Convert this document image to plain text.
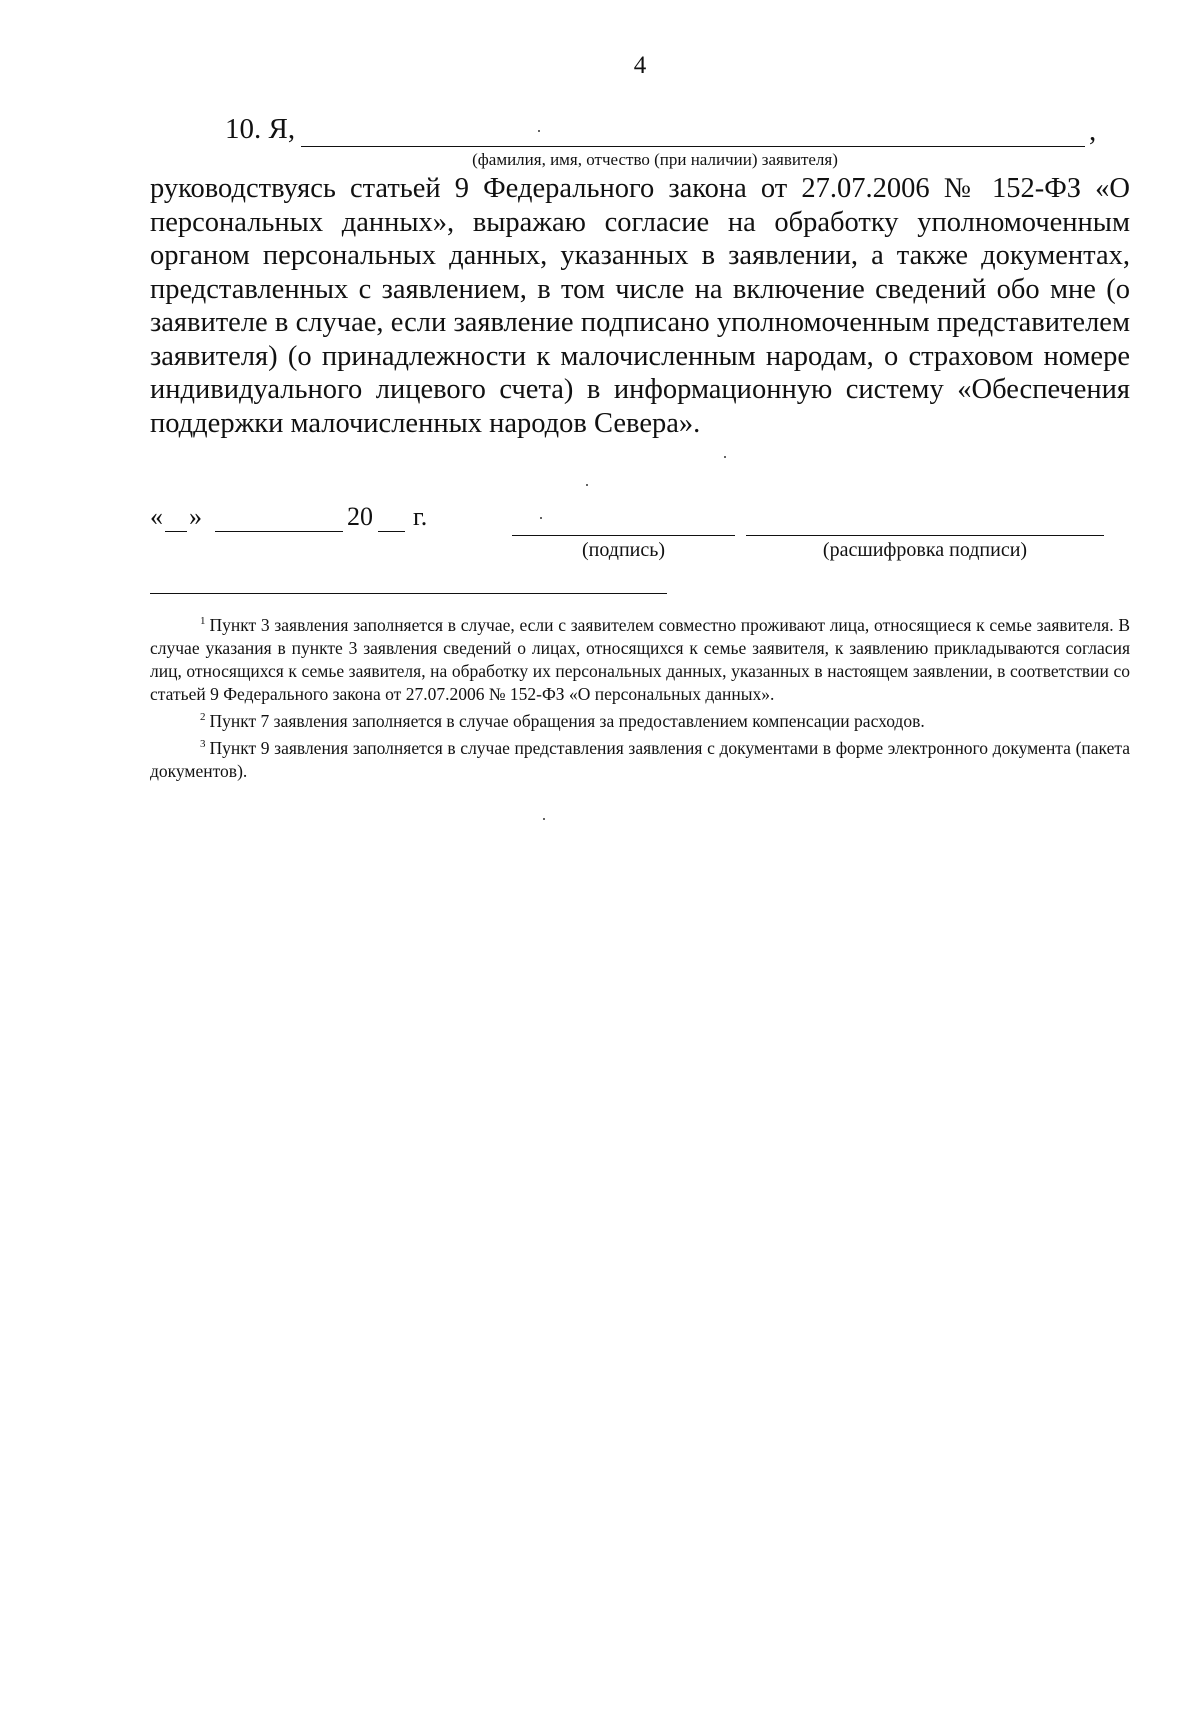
4
10. Я,	,
(фамилия, имя, отчество (при наличии) заявителя)
руководствуясь статьей 9 Федерального закона от 27.07.2006 № 152-ФЗ «О персональных данных», выражаю согласие на обработку уполномоченным органом персональных данных, указанных в заявлении, а также документах, представленных с заявлением, в том числе на включение сведений обо мне (о заявителе в случае, если заявление подписано уполномоченным представителем заявителя) (о принадлежности к малочисленным народам, о страховом номере индивидуального лицевого счета) в информационную систему «Обеспечения поддержки малочисленных народов Севера».
« »	20 г.
(подпись)	(расшифровка подписи)

$^1$ Пункт 3 заявления заполняется в случае, если с заявителем совместно проживают лица, относящиеся к семье заявителя. В случае указания в пункте 3 заявления сведений о лицах, относящихся к семье заявителя, к заявлению прикладываются согласия лиц, относящихся к семье заявителя, на обработку их персональных данных, указанных в настоящем заявлении, в соответствии со статьей 9 Федерального закона от 27.07.2006 № 152-ФЗ «О персональных данных».

$^2$ Пункт 7 заявления заполняется в случае обращения за предоставлением компенсации расходов.

$^3$ Пункт 9 заявления заполняется в случае представления заявления с документами в форме электронного документа (пакета документов).
